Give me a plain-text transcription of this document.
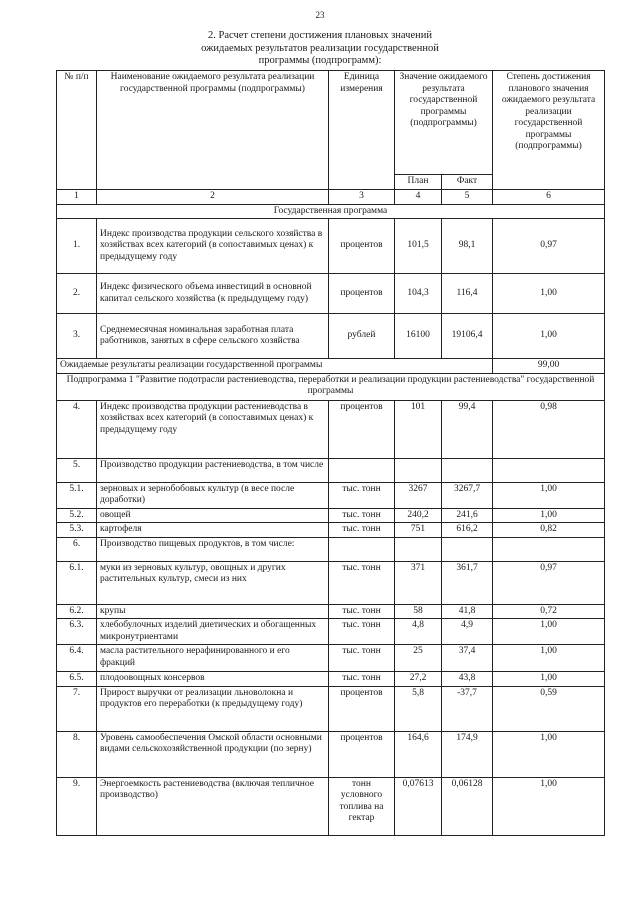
23
2. Расчет степени достижения плановых значений
ожидаемых результатов реализации государственной
программы (подпрограмм):
№ п/п	Наименование ожидаемого результата реализации государственной программы (подпрограммы)	Единица измерения	Значение ожидаемого результата государственной программы (подпрограммы)		Степень достижения планового значения ожидаемого результата реализации государственной программы (подпрограммы)
			План	Факт	
1	2	3	4	5	6
Государственная программа					
1.	Индекс производства продукции сельского хозяйства в хозяйствах всех категорий (в сопоставимых ценах) к предыдущему году	процентов	101,5	98,1	0,97
2.	Индекс физического объема инвестиций в основной капитал сельского хозяйства (к предыдущему году)	процентов	104,3	116,4	1,00
3.	Среднемесячная номинальная заработная плата работников, занятых в сфере сельского хозяйства	рублей	16100	19106,4	1,00
Ожидаемые результаты реализации государственной программы					99,00
Подпрограмма 1 "Развитие подотрасли растениеводства, переработки и реализации продукции растениеводства" государственной программы					
4.	Индекс производства продукции растениеводства в хозяйствах всех категорий (в сопоставимых ценах) к предыдущему году	процентов	101	99,4	0,98
5.	Производство продукции растениеводства, в том числе				
5.1.	зерновых и зернобобовых культур (в весе после доработки)	тыс. тонн	3267	3267,7	1,00
5.2.	овощей	тыс. тонн	240,2	241,6	1,00
5.3.	картофеля	тыс. тонн	751	616,2	0,82
6.	Производство пищевых продуктов, в том числе:				
6.1.	муки из зерновых культур, овощных и других растительных культур, смеси из них	тыс. тонн	371	361,7	0,97
6.2.	крупы	тыс. тонн	58	41,8	0,72
6.3.	хлебобулочных изделий диетических и обогащенных микронутриентами	тыс. тонн	4,8	4,9	1,00
6.4.	масла растительного нерафинированного и его фракций	тыс. тонн	25	37,4	1,00
6.5.	плодоовощных консервов	тыс. тонн	27,2	43,8	1,00
7.	Прирост выручки от реализации льноволокна и продуктов его переработки (к предыдущему году)	процентов	5,8	-37,7	0,59
8.	Уровень самообеспечения Омской области основными видами сельскохозяйственной продукции (по зерну)	процентов	164,6	174,9	1,00
9.	Энергоемкость растениеводства (включая тепличное производство)	тонн условного топлива на гектар	0,07613	0,06128	1,00
